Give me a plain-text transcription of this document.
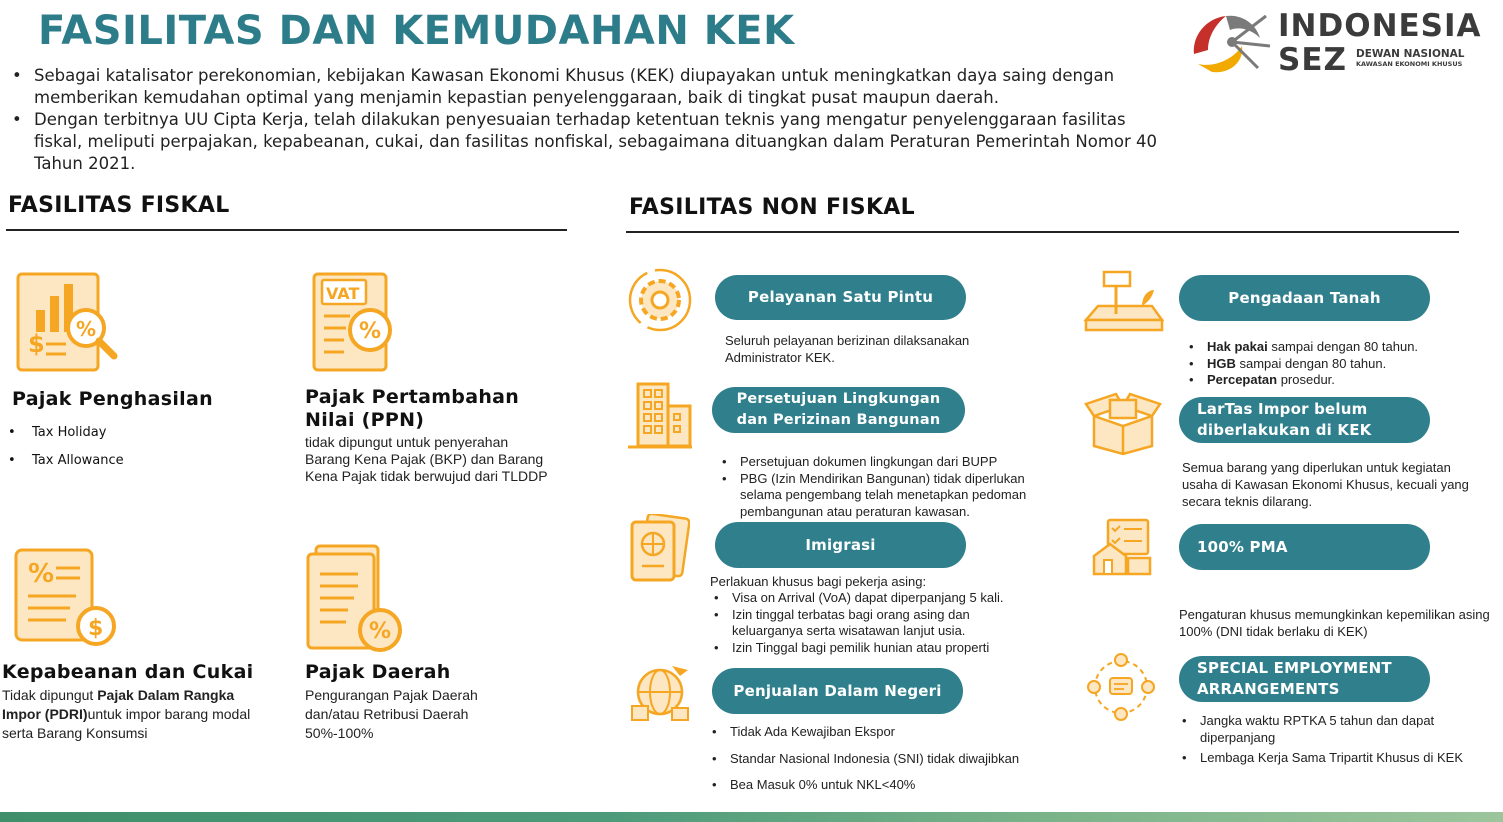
FASILITAS DAN KEMUDAHAN KEK
• Sebagai katalisator perekonomian, kebijakan Kawasan Ekonomi Khusus (KEK) diupayakan untuk meningkatkan daya saing dengan memberikan kemudahan optimal yang menjamin kepastian penyelenggaraan, baik di tingkat pusat maupun daerah.
• Dengan terbitnya UU Cipta Kerja, telah dilakukan penyesuaian terhadap ketentuan teknis yang mengatur penyelenggaraan fasilitas fiskal, meliputi perpajakan, kepabeanan, cukai, dan fasilitas nonfiskal, sebagaimana dituangkan dalam Peraturan Pemerintah Nomor 40 Tahun 2021.
INDONESIA
SEZ DEWAN NASIONAL
KAWASAN EKONOMI KHUSUS
FASILITAS FISKAL
$
%
Pajak Penghasilan
• Tax Holiday
• Tax Allowance
VAT
%
Pajak Pertambahan
Nilai (PPN)
tidak dipungut untuk penyerahan Barang Kena Pajak (BKP) dan Barang Kena Pajak tidak berwujud dari TLDDP
%
$
Kepabeanan dan Cukai
Tidak dipungut Pajak Dalam Rangka Impor (PDRI)untuk impor barang modal serta Barang Konsumsi
%
Pajak Daerah
Pengurangan Pajak Daerah dan/atau Retribusi Daerah 50%-100%
FASILITAS NON FISKAL
Pelayanan Satu Pintu
Seluruh pelayanan berizinan dilaksanakan Administrator KEK.
Persetujuan Lingkungan dan Perizinan Bangunan
• Persetujuan dokumen lingkungan dari BUPP
• PBG (Izin Mendirikan Bangunan) tidak diperlukan selama pengembang telah menetapkan pedoman pembangunan atau peraturan kawasan.
Imigrasi
Perlakuan khusus bagi pekerja asing:
• Visa on Arrival (VoA) dapat diperpanjang 5 kali.
• Izin tinggal terbatas bagi orang asing dan keluarganya serta wisatawan lanjut usia.
• Izin Tinggal bagi pemilik hunian atau properti
Penjualan Dalam Negeri
• Tidak Ada Kewajiban Ekspor
• Standar Nasional Indonesia (SNI) tidak diwajibkan
• Bea Masuk 0% untuk NKL<40%
Pengadaan Tanah
• Hak pakai sampai dengan 80 tahun.
• HGB sampai dengan 80 tahun.
• Percepatan prosedur.
LarTas Impor belum
diberlakukan di KEK
Semua barang yang diperlukan untuk kegiatan usaha di Kawasan Ekonomi Khusus, kecuali yang secara teknis dilarang.
100% PMA
Pengaturan khusus memungkinkan kepemilikan asing 100% (DNI tidak berlaku di KEK)
SPECIAL EMPLOYMENT
ARRANGEMENTS
• Jangka waktu RPTKA 5 tahun dan dapat diperpanjang
• Lembaga Kerja Sama Tripartit Khusus di KEK
